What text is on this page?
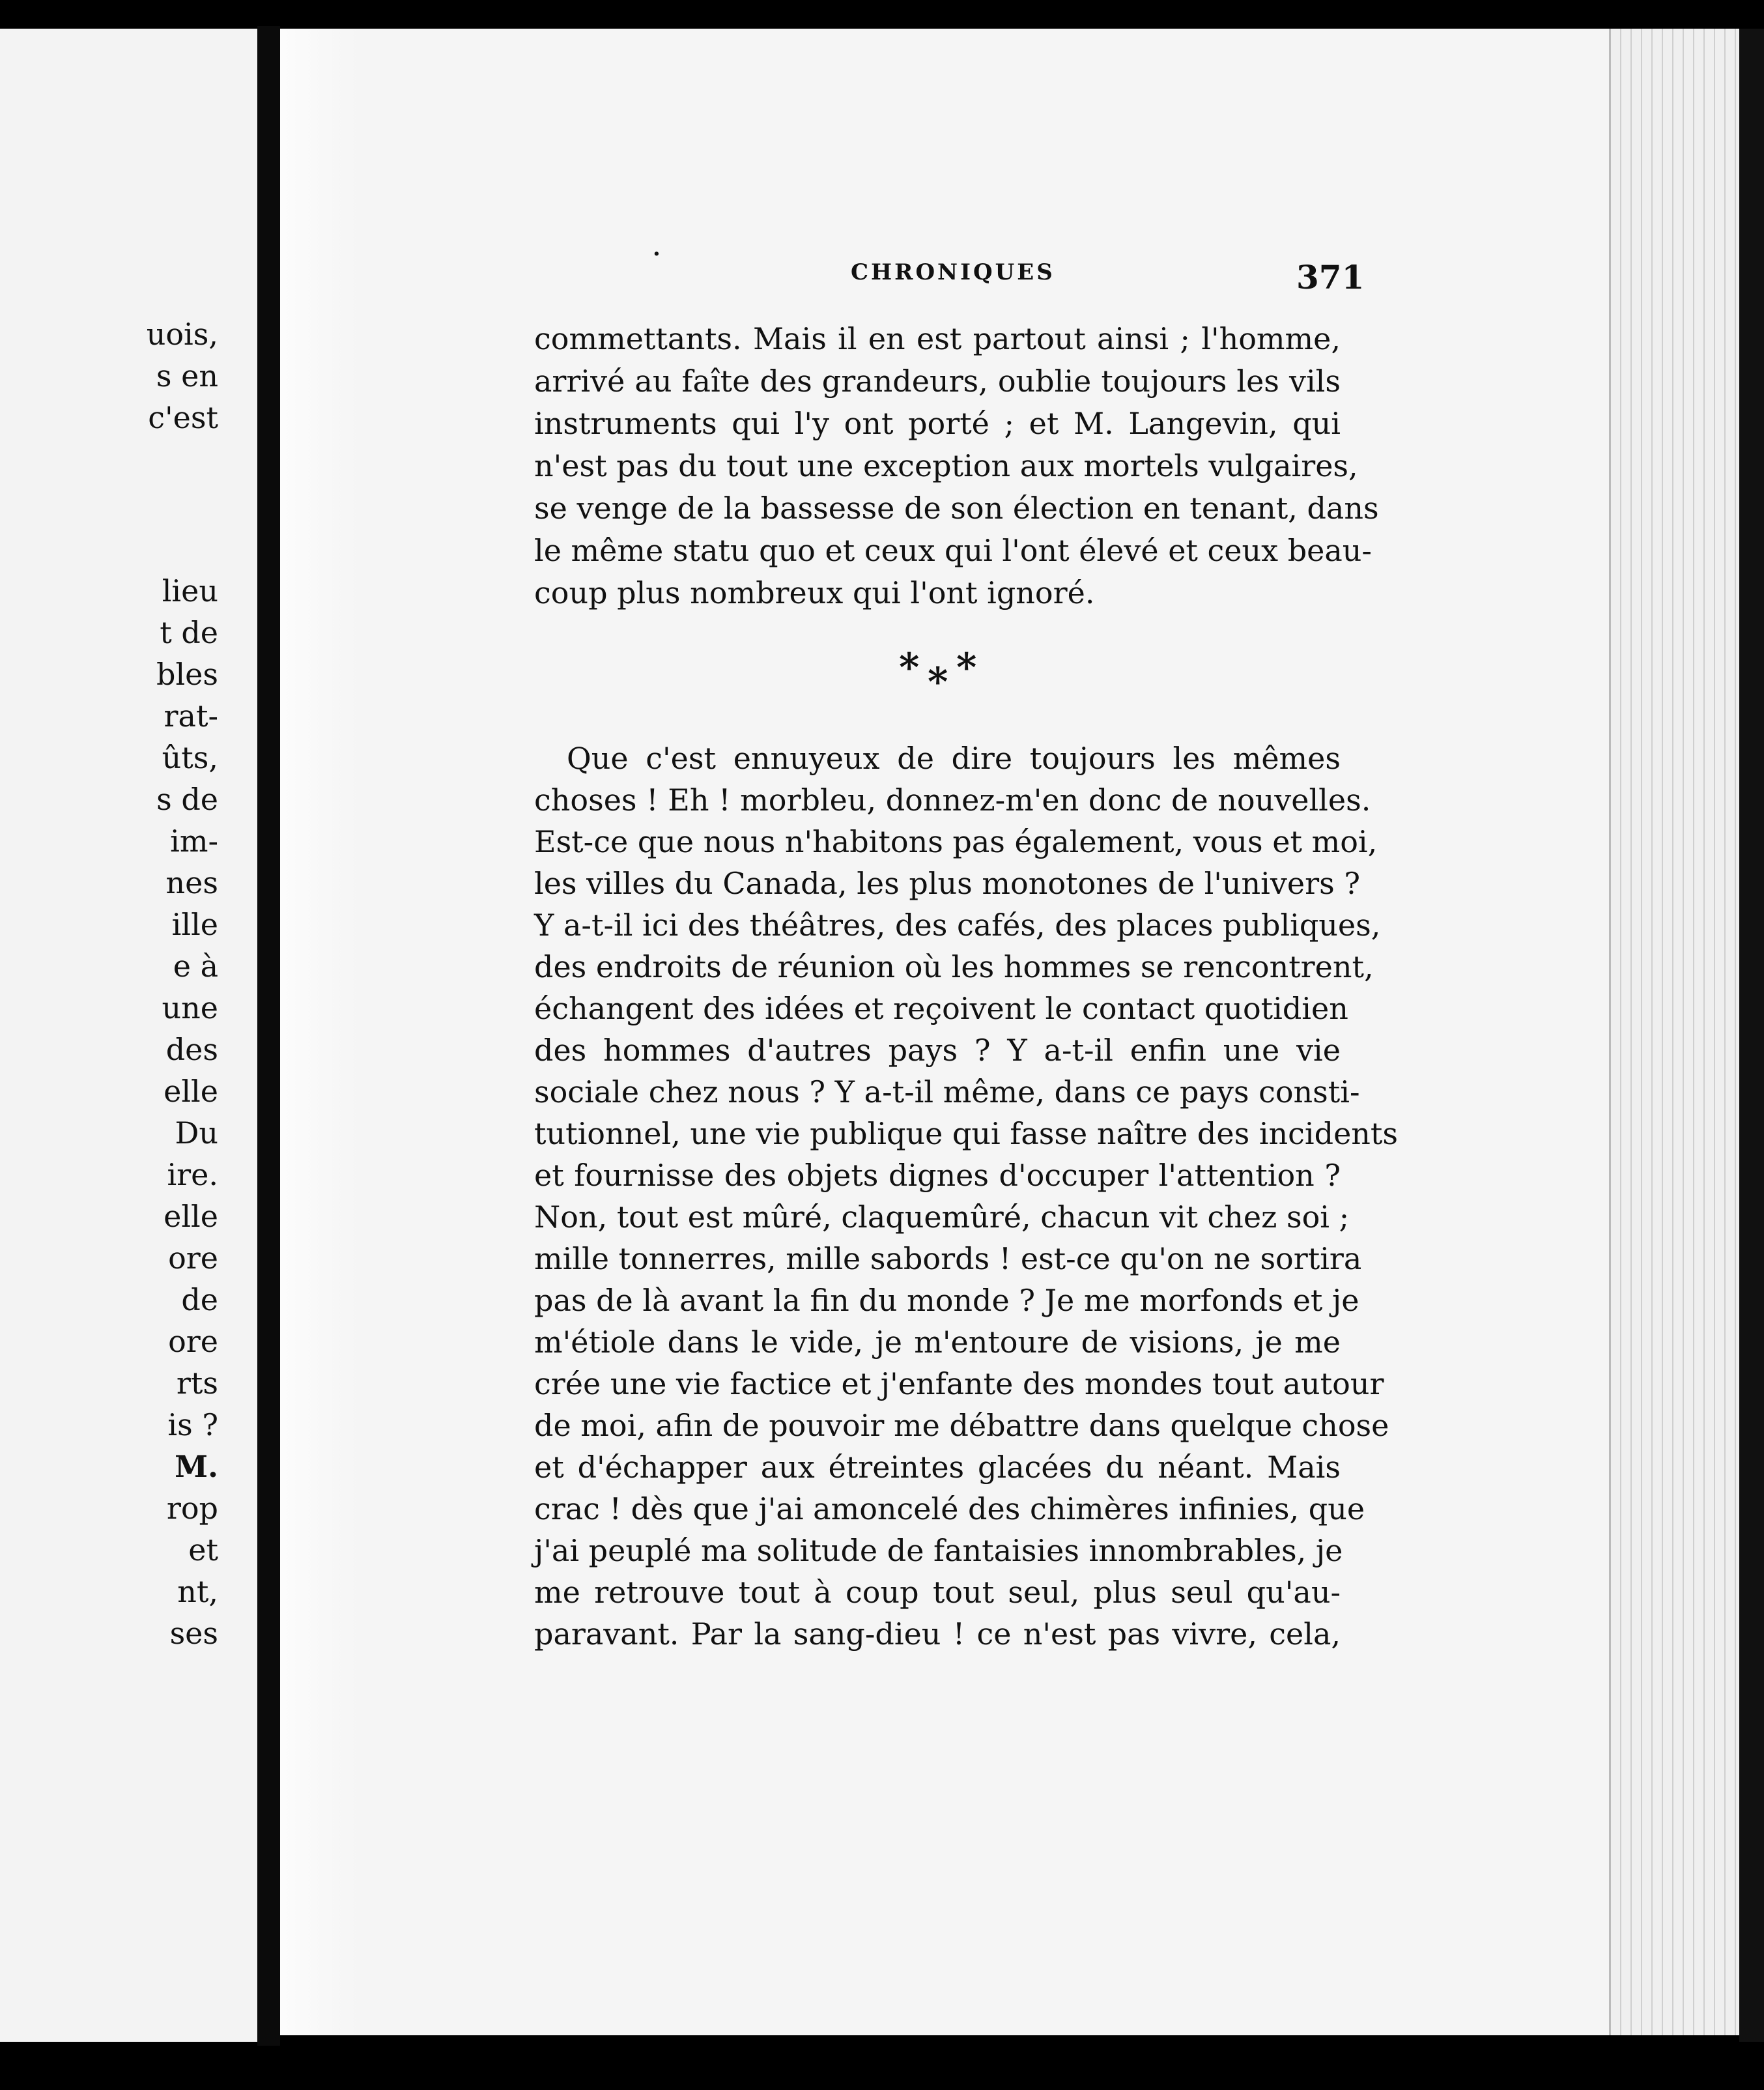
uois,
s en
c'est
lieu
t de
bles
rat-
ûts,
s de
im-
nes
ille
e à
une
des
elle
Du
ire.
elle
ore
de
ore
rts
is ?
M.
rop
et
nt,
ses
·
CHRONIQUES	371
commettants. Mais il en est partout ainsi ; l'homme,
arrivé au faîte des grandeurs, oublie toujours les vils
instruments qui l'y ont porté ; et M. Langevin, qui
n'est pas du tout une exception aux mortels vulgaires,
se venge de la bassesse de son élection en tenant, dans
le même statu quo et ceux qui l'ont élevé et ceux beau-
coup plus nombreux qui l'ont ignoré.
* * *
Que c'est ennuyeux de dire toujours les mêmes
choses ! Eh ! morbleu, donnez-m'en donc de nouvelles.
Est-ce que nous n'habitons pas également, vous et moi,
les villes du Canada, les plus monotones de l'univers ?
Y a-t-il ici des théâtres, des cafés, des places publiques,
des endroits de réunion où les hommes se rencontrent,
échangent des idées et reçoivent le contact quotidien
des hommes d'autres pays ? Y a-t-il enfin une vie
sociale chez nous ? Y a-t-il même, dans ce pays consti-
tutionnel, une vie publique qui fasse naître des incidents
et fournisse des objets dignes d'occuper l'attention ?
Non, tout est mûré, claquemûré, chacun vit chez soi ;
mille tonnerres, mille sabords ! est-ce qu'on ne sortira
pas de là avant la fin du monde ? Je me morfonds et je
m'étiole dans le vide, je m'entoure de visions, je me
crée une vie factice et j'enfante des mondes tout autour
de moi, afin de pouvoir me débattre dans quelque chose
et d'échapper aux étreintes glacées du néant. Mais
crac ! dès que j'ai amoncelé des chimères infinies, que
j'ai peuplé ma solitude de fantaisies innombrables, je
me retrouve tout à coup tout seul, plus seul qu'au-
paravant. Par la sang-dieu ! ce n'est pas vivre, cela,
